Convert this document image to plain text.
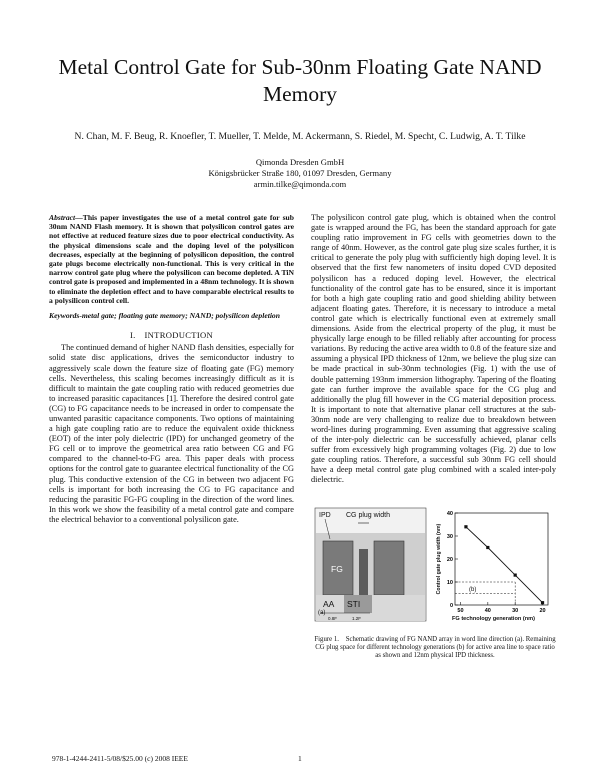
Metal Control Gate for Sub-30nm Floating Gate NAND Memory
N. Chan, M. F. Beug, R. Knoefler, T. Mueller, T. Melde, M. Ackermann, S. Riedel, M. Specht, C. Ludwig, A. T. Tilke
Qimonda Dresden GmbH
Königsbrücker Straße 180, 01097 Dresden, Germany
armin.tilke@qimonda.com
Abstract—This paper investigates the use of a metal control gate for sub 30nm NAND Flash memory. It is shown that polysilicon control gates are not effective at reduced feature sizes due to poor electrical conductivity. As the physical dimensions scale and the doping level of the polysilicon decreases, especially at the beginning of polysilicon deposition, the control gate plugs become electrically non-functional. This is very critical in the narrow control gate plug where the polysilicon can become depleted. A TiN control gate is proposed and implemented in a 48nm technology. It is shown to eliminate the depletion effect and to have comparable electrical results to a polysilicon control cell.
Keywords-metal gate; floating gate memory; NAND; polysilicon depletion
I. INTRODUCTION

The continued demand of higher NAND flash densities, especially for solid state disc applications, drives the semiconductor industry to aggressively scale down the feature size of floating gate (FG) memory cells. Nevertheless, this scaling becomes increasingly difficult as it is difficult to maintain the gate coupling ratio with reduced geometries due to increased parasitic capacitances [1]. Therefore the desired control gate (CG) to FG capacitance needs to be increased in order to compensate the unwanted parasitic capacitance components. Two options of maintaining a high gate coupling ratio are to reduce the equivalent oxide thickness (EOT) of the inter poly dielectric (IPD) for unchanged geometry of the FG cell or to improve the geometrical area ratio between CG and FG compared to the channel-to-FG area. This paper deals with process options for the control gate to guarantee electrical functionality of the CG plug. This conductive extension of the CG in between two adjacent FG cells is important for both increasing the CG to FG capacitance and reducing the parasitic FG-FG coupling in the direction of the word lines. In this work we show the feasibility of a metal control gate and compare the electrical behavior to a conventional polysilicon gate.

The polysilicon control gate plug, which is obtained when the control gate is wrapped around the FG, has been the standard approach for gate coupling ratio improvement in FG cells with geometries down to the range of 40nm. However, as the control gate plug size scales further, it is critical to generate the poly plug with sufficiently high doping level. It is observed that the first few nanometers of insitu doped CVD deposited polysilicon has a reduced doping level. However, the electrical functionality of the control gate has to be ensured, since it is important for both a high gate coupling ratio and good shielding ability between adjacent floating gates. Therefore, it is necessary to introduce a metal control gate which is electrically functional even at extremely small dimensions. Aside from the electrical property of the plug, it must be physically large enough to be filled reliably after accounting for process variations. By reducing the active area width to 0.8 of the feature size and assuming a physical IPD thickness of 12nm, we believe the plug size can be made practical in sub-30nm technologies (Fig. 1) with the use of double patterning 193nm immersion lithography. Tapering of the floating gate can further improve the available space for the CG plug and additionally the plug fill however in the CG material deposition process. It is important to note that alternative planar cell structures at the sub-30nm node are very challenging to realize due to breakdown between word-lines during programming. Even assuming that aggressive scaling of the inter-poly dielectric can be successfully achieved, planar cells suffer from excessively high programming voltages (Fig. 2) due to low gate coupling ratios. Therefore, a successful sub 30nm FG cell should have a deep metal control gate plug combined with a scaled inter-poly dielectric.

IPD CG plug width
FG
AA STI
0.8F	1.2F
(a)
0
10
20
30
40
50	40	30	20
(b)
Control gate plug width (nm)
FG technology generation (nm)
Figure 1. Schematic drawing of FG NAND array in word line direction (a). Remaining CG plug space for different technology generations (b) for active area line to space ratio as shown and 12nm physical IPD thickness.
978-1-4244-2411-5/08/$25.00 (c) 2008 IEEE	1
